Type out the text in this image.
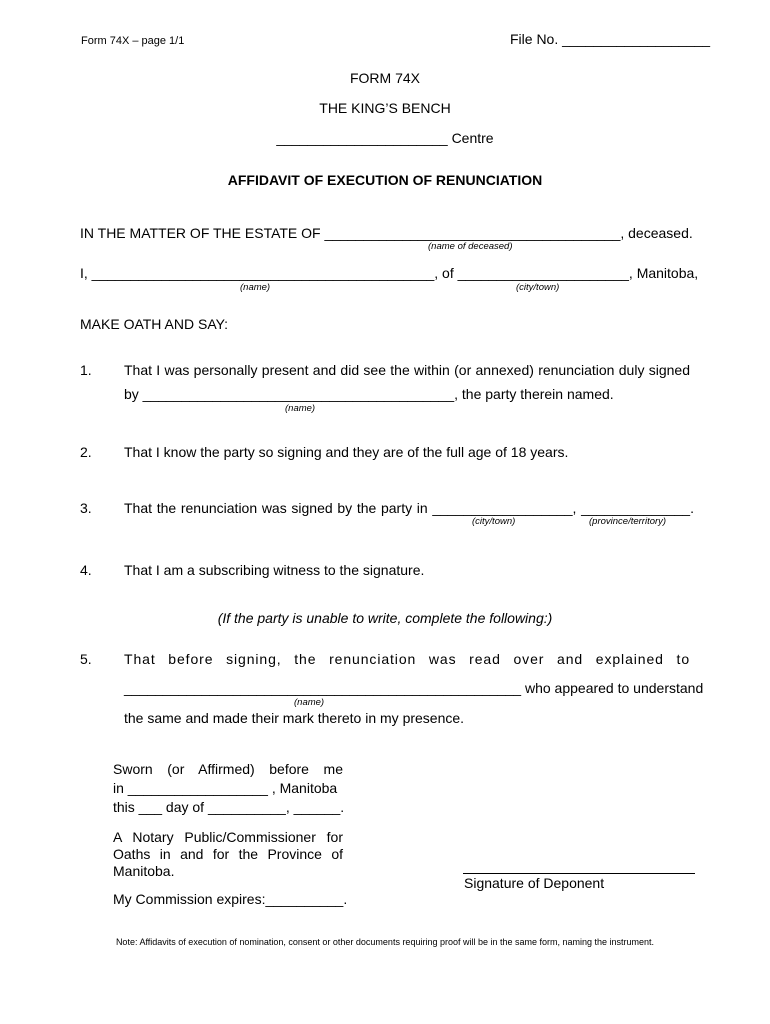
Form 74X – page 1/1	File No. ___________________
FORM 74X
THE KING’S BENCH
______________________ Centre
AFFIDAVIT OF EXECUTION OF RENUNCIATION
IN THE MATTER OF THE ESTATE OF ______________________________________, deceased.
(name of deceased)
I, ____________________________________________, of ______________________, Manitoba,
(name)	(city/town)
MAKE OATH AND SAY:
1. That I was personally present and did see the within (or annexed) renunciation duly signed
by ________________________________________, the party therein named.
(name)
2. That I know the party so signing and they are of the full age of 18 years.
3. That the renunciation was signed by the party in __________________, ______________.
(city/town)	(province/territory)
4. That I am a subscribing witness to the signature.
(If the party is unable to write, complete the following:)
5. That before signing, the renunciation was read over and explained to
___________________________________________________ who appeared to understand
(name)
the same and made their mark thereto in my presence.
Sworn (or Affirmed) before me
in __________________ , Manitoba
this ___ day of __________, ______.
A Notary Public/Commissioner for
Oaths in and for the Province of
Manitoba.
My Commission expires:__________.
Signature of Deponent
Note: Affidavits of execution of nomination, consent or other documents requiring proof will be in the same form, naming the instrument.
